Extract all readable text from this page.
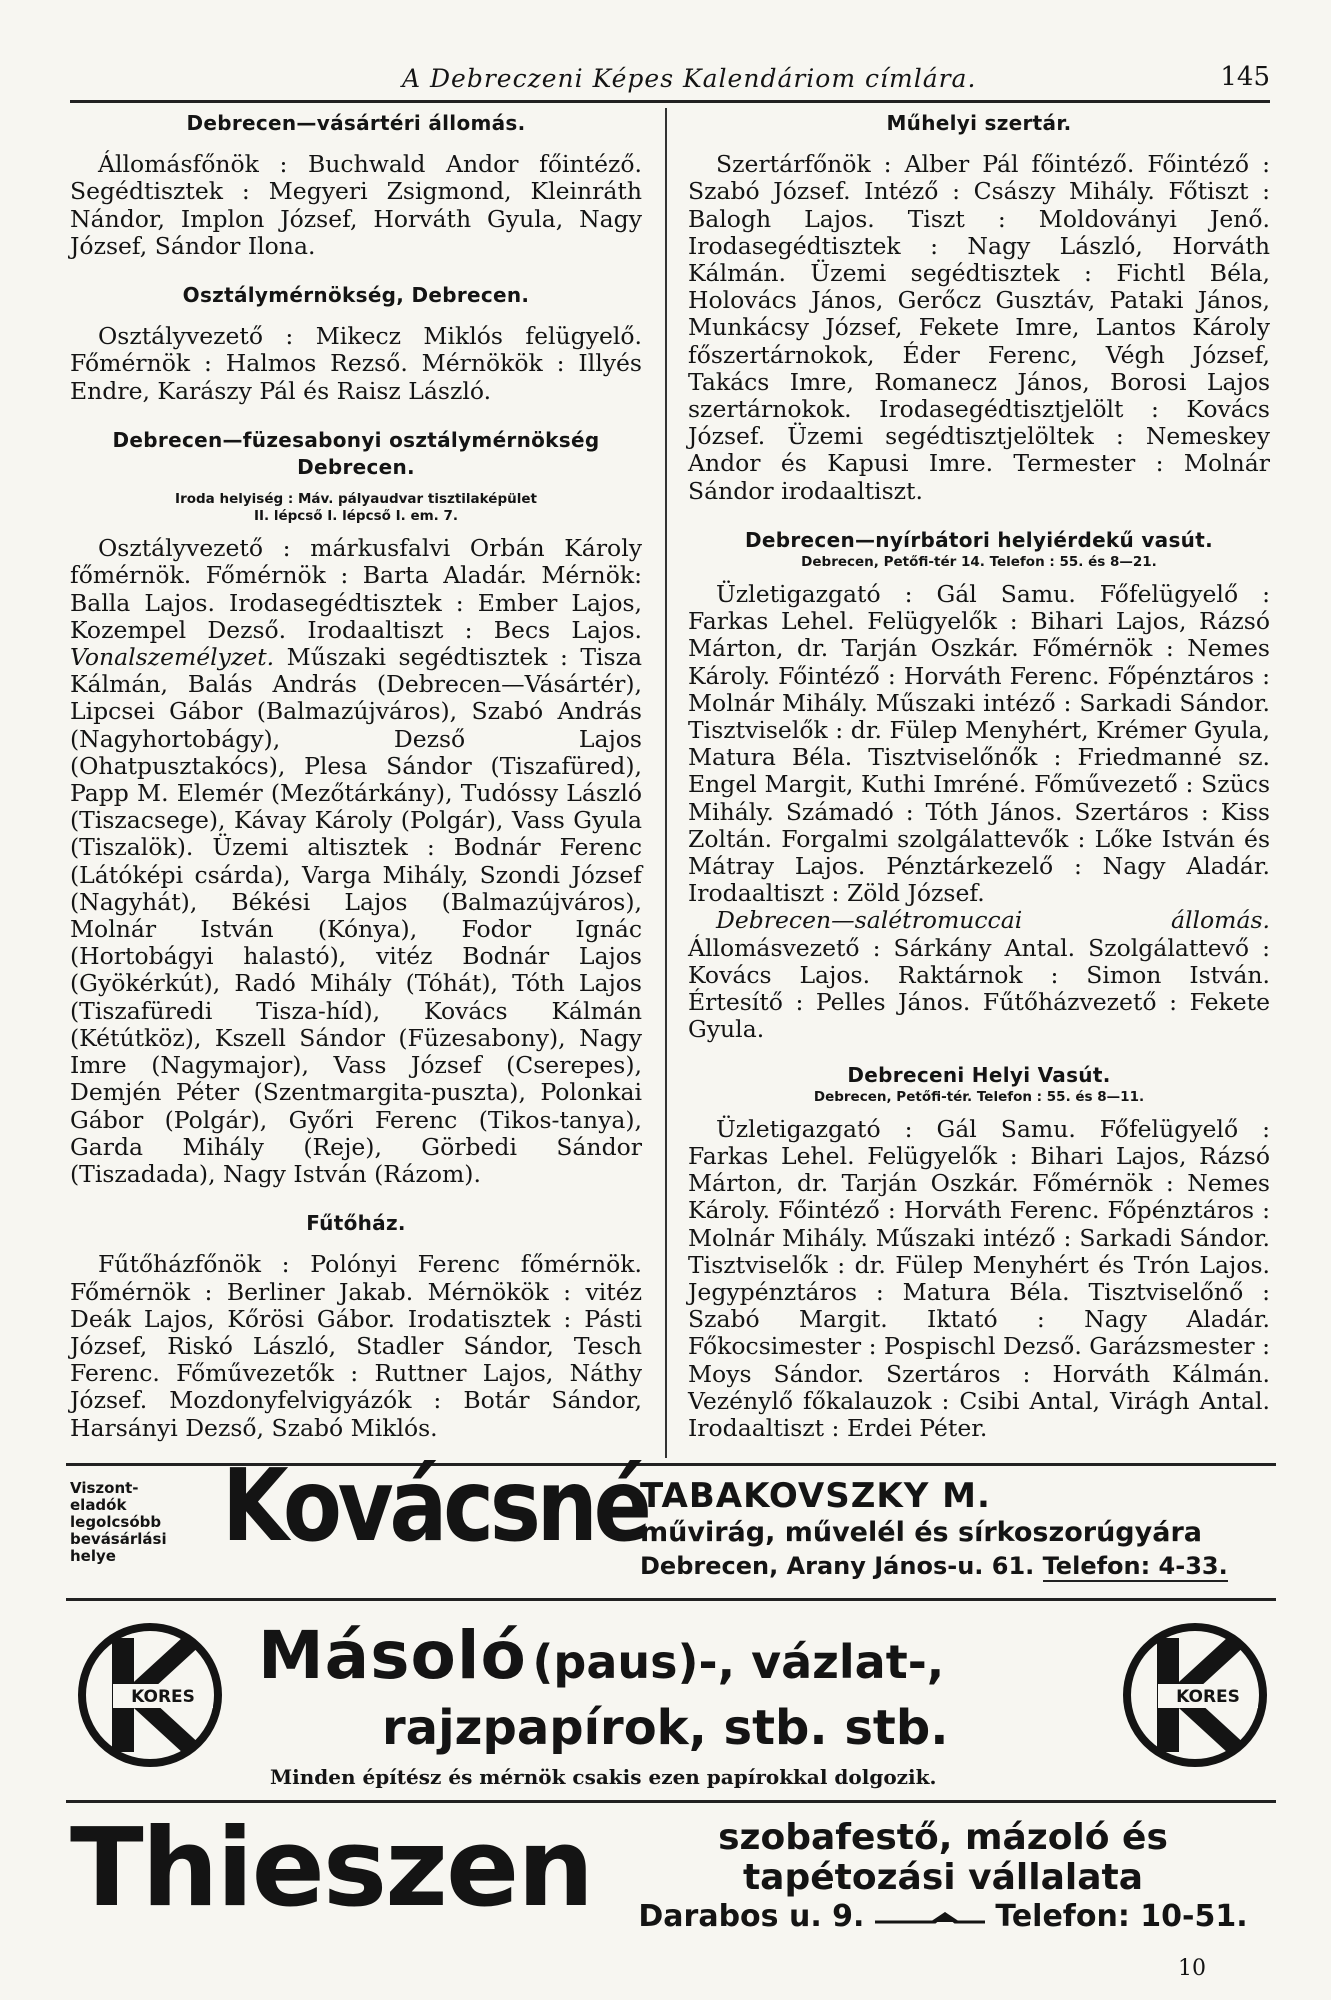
A Debreczeni Képes Kalendáriom címlára.	145
Debrecen—vásártéri állomás.

Állomásfőnök : Buchwald Andor főintéző. Segédtisztek : Megyeri Zsigmond, Kleinráth Nándor, Implon József, Horváth Gyula, Nagy József, Sándor Ilona.

Osztálymérnökség, Debrecen.

Osztályvezető : Mikecz Miklós felügyelő. Főmérnök : Halmos Rezső. Mérnökök : Illyés Endre, Karászy Pál és Raisz László.

Debrecen—füzesabonyi osztálymérnökség
Debrecen.
Iroda helyiség : Máv. pályaudvar tisztilaképület
II. lépcső I. lépcső I. em. 7.

Osztályvezető : márkusfalvi Orbán Károly főmérnök. Főmérnök : Barta Aladár. Mérnök: Balla Lajos. Irodasegédtisztek : Ember Lajos, Kozempel Dezső. Irodaaltiszt : Becs Lajos. Vonalszemélyzet. Műszaki segédtisztek : Tisza Kálmán, Balás András (Debrecen—Vásártér), Lipcsei Gábor (Balmazújváros), Szabó András (Nagyhortobágy), Dezső Lajos (Ohatpusztakócs), Plesa Sándor (Tiszafüred), Papp M. Elemér (Mezőtárkány), Tudóssy László (Tiszacsege), Kávay Károly (Polgár), Vass Gyula (Tiszalök). Üzemi altisztek : Bodnár Ferenc (Látóképi csárda), Varga Mihály, Szondi József (Nagyhát), Békési Lajos (Balmazújváros), Molnár István (Kónya), Fodor Ignác (Hortobágyi halastó), vitéz Bodnár Lajos (Gyökérkút), Radó Mihály (Tóhát), Tóth Lajos (Tiszafüredi Tisza-híd), Kovács Kálmán (Kétútköz), Kszell Sándor (Füzesabony), Nagy Imre (Nagymajor), Vass József (Cserepes), Demjén Péter (Szentmargita-puszta), Polonkai Gábor (Polgár), Győri Ferenc (Tikos-tanya), Garda Mihály (Reje), Görbedi Sándor (Tiszadada), Nagy István (Rázom).

Fűtőház.

Fűtőházfőnök : Polónyi Ferenc főmérnök. Főmérnök : Berliner Jakab. Mérnökök : vitéz Deák Lajos, Kőrösi Gábor. Irodatisztek : Pásti József, Riskó László, Stadler Sándor, Tesch Ferenc. Főművezetők : Ruttner Lajos, Náthy József. Mozdonyfelvigyázók : Botár Sándor, Harsányi Dezső, Szabó Miklós.

Műhelyi szertár.

Szertárfőnök : Alber Pál főintéző. Főintéző : Szabó József. Intéző : Császy Mihály. Főtiszt : Balogh Lajos. Tiszt : Moldoványi Jenő. Irodasegédtisztek : Nagy László, Horváth Kálmán. Üzemi segédtisztek : Fichtl Béla, Holovács János, Gerőcz Gusztáv, Pataki János, Munkácsy József, Fekete Imre, Lantos Károly főszertárnokok, Éder Ferenc, Végh József, Takács Imre, Romanecz János, Borosi Lajos szertárnokok. Irodasegédtisztjelölt : Kovács József. Üzemi segédtisztjelöltek : Nemeskey Andor és Kapusi Imre. Termester : Molnár Sándor irodaaltiszt.

Debrecen—nyírbátori helyiérdekű vasút.
Debrecen, Petőfi-tér 14. Telefon : 55. és 8—21.

Üzletigazgató : Gál Samu. Főfelügyelő : Farkas Lehel. Felügyelők : Bihari Lajos, Rázsó Márton, dr. Tarján Oszkár. Főmérnök : Nemes Károly. Főintéző : Horváth Ferenc. Főpénztáros : Molnár Mihály. Műszaki intéző : Sarkadi Sándor. Tisztviselők : dr. Fülep Menyhért, Krémer Gyula, Matura Béla. Tisztviselőnők : Friedmanné sz. Engel Margit, Kuthi Imréné. Főművezető : Szücs Mihály. Számadó : Tóth János. Szertáros : Kiss Zoltán. Forgalmi szolgálattevők : Lőke István és Mátray Lajos. Pénztárkezelő : Nagy Aladár. Irodaaltiszt : Zöld József.

Debrecen—salétromuccai állomás. Állomásvezető : Sárkány Antal. Szolgálattevő : Kovács Lajos. Raktárnok : Simon István. Értesítő : Pelles János. Fűtőházvezető : Fekete Gyula.

Debreceni Helyi Vasút.
Debrecen, Petőfi-tér. Telefon : 55. és 8—11.

Üzletigazgató : Gál Samu. Főfelügyelő : Farkas Lehel. Felügyelők : Bihari Lajos, Rázsó Márton, dr. Tarján Oszkár. Főmérnök : Nemes Károly. Főintéző : Horváth Ferenc. Főpénztáros : Molnár Mihály. Műszaki intéző : Sarkadi Sándor. Tisztviselők : dr. Fülep Menyhért és Trón Lajos. Jegypénztáros : Matura Béla. Tisztviselőnő : Szabó Margit. Iktató : Nagy Aladár. Főkocsimester : Pospischl Dezső. Garázsmester : Moys Sándor. Szertáros : Horváth Kálmán. Vezénylő főkalauzok : Csibi Antal, Virágh Antal. Irodaaltiszt : Erdei Péter.

Viszont-
eladók
legolcsóbb
bevásárlási
helye	Kovácsné
TABAKOVSZKY M.
művirág, művelél és sírkoszorúgyára
Debrecen, Arany János-u. 61. Telefon: 4-33.
KORES	KORES
Másoló (paus)-, vázlat-,
rajzpapírok, stb. stb.
Minden építész és mérnök csakis ezen papírokkal dolgozik.
Thieszen	szobafestő, mázoló és
tapétozási vállalata
Darabos u. 9.	Telefon: 10-51.
10
